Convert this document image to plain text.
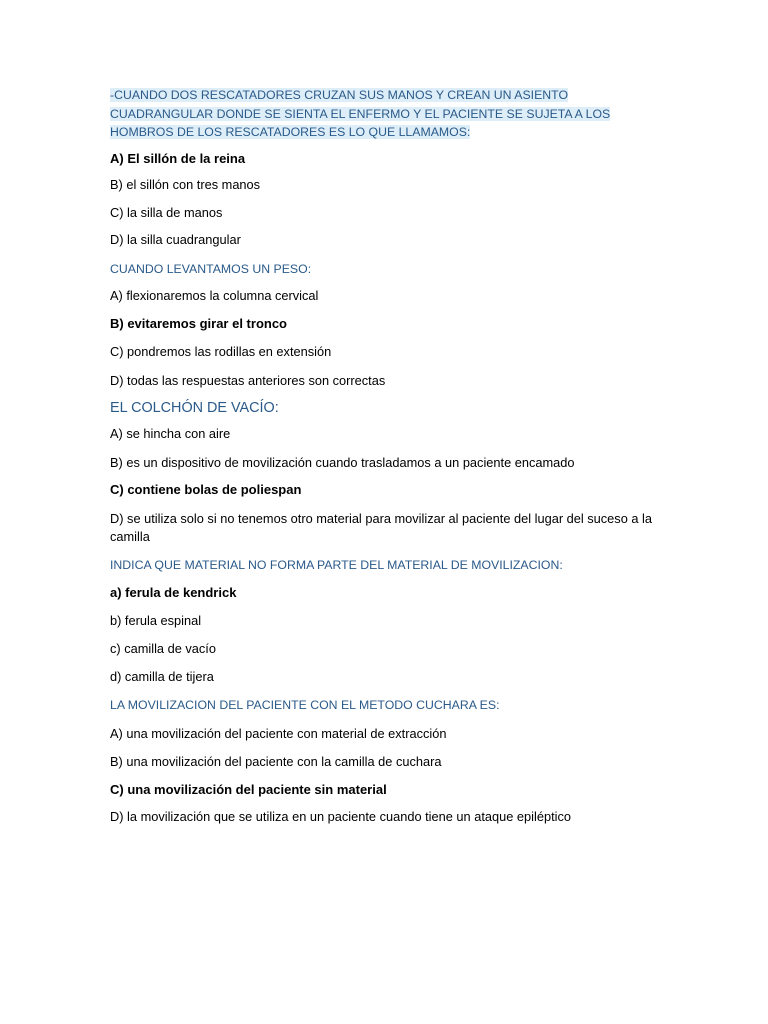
-CUANDO DOS RESCATADORES CRUZAN SUS MANOS Y CREAN UN ASIENTO CUADRANGULAR DONDE SE SIENTA EL ENFERMO Y EL PACIENTE SE SUJETA A LOS HOMBROS DE LOS RESCATADORES ES LO QUE LLAMAMOS:

A) El sillón de la reina

B) el sillón con tres manos

C) la silla de manos

D) la silla cuadrangular

CUANDO LEVANTAMOS UN PESO:

A) flexionaremos la columna cervical

B) evitaremos girar el tronco

C) pondremos las rodillas en extensión

D) todas las respuestas anteriores son correctas

EL COLCHÓN DE VACÍO:

A) se hincha con aire

B) es un dispositivo de movilización cuando trasladamos a un paciente encamado

C) contiene bolas de poliespan

D) se utiliza solo si no tenemos otro material para movilizar al paciente del lugar del suceso a la camilla

INDICA QUE MATERIAL NO FORMA PARTE DEL MATERIAL DE MOVILIZACION:

a) ferula de kendrick

b) ferula espinal

c) camilla de vacío

d) camilla de tijera

LA MOVILIZACION DEL PACIENTE CON EL METODO CUCHARA ES:

A) una movilización del paciente con material de extracción

B) una movilización del paciente con la camilla de cuchara

C) una movilización del paciente sin material

D) la movilización que se utiliza en un paciente cuando tiene un ataque epiléptico
